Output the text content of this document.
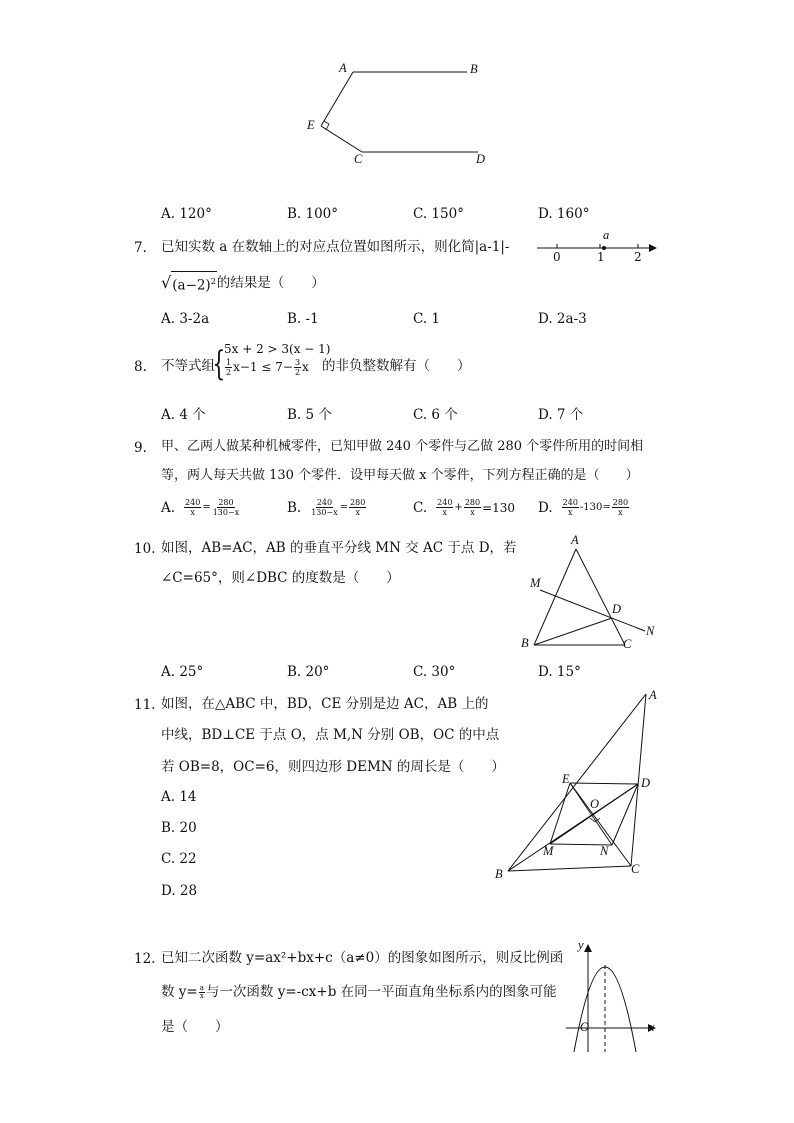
A	B
E
C	D
A. 120°	B. 100°	C. 150°	D. 160°
7. 已知实数 a 在数轴上的对应点位置如图所示，则化简|a-1|-
√ $(a-2)^2$ 的结果是（　　）
a
0	1 2
A. 3-2a	B. -1	C. 1	D. 2a-3
8. 不等式组
{
5x + 2 > 3(x − 1)
$\frac{1}{2} x-1 \le 7- \frac{3}{2}$ x 的非负整数解有（　　）
A. 4 个	B. 5 个	C. 6 个	D. 7 个
9. 甲、乙两人做某种机械零件，已知甲做 240 个零件与乙做 280 个零件所用的时间相
等，两人每天共做 130 个零件．设甲每天做 x 个零件，下列方程正确的是（　　）
A. $\frac{240}{x} = \frac{280}{130-x}$	B. $\frac{240}{130-x} = \frac{280}{x}$	C. $\frac{240}{x} + \frac{280}{x} =130$ D. $\frac{240}{x} -130= \frac{280}{x}$
10. 如图，AB=AC，AB 的垂直平分线 MN 交 AC 于点 D，若
∠C=65°，则∠DBC 的度数是（　　）
A
M
D
N
B	C
A. 25°	B. 20°	C. 30°	D. 15°
11. 如图，在△ABC 中，BD，CE 分别是边 AC，AB 上的
中线，BD⊥CE 于点 O，点 M,N 分别 OB，OC 的中点
若 OB=8，OC=6，则四边形 DEMN 的周长是（　　）
A. 14
B. 20
C. 22
D. 28
A
E	D
O
M	N
B	C
12. 已知二次函数 y=ax²+bx+c（a≠0）的图象如图所示，则反比例函
数 $y= \frac{a}{x}$ 与一次函数 y=-cx+b 在同一平面直角坐标系内的图象可能
是（　　）
y
x
O
